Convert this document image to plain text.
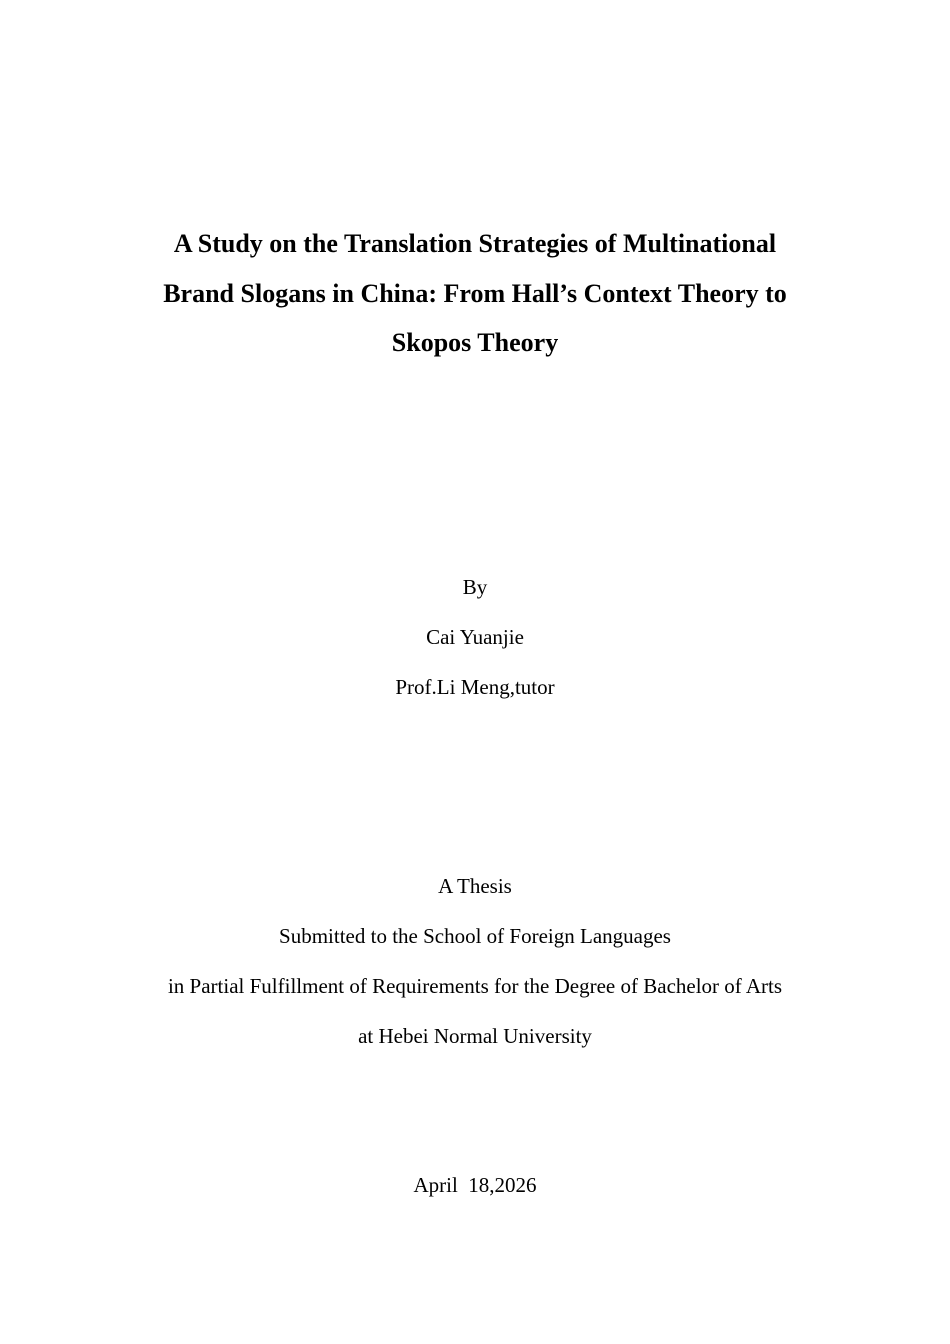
A Study on the Translation Strategies of Multinational
Brand Slogans in China: From Hall’s Context Theory to
Skopos Theory
By
Cai Yuanjie
Prof.Li Meng,tutor
A Thesis
Submitted to the School of Foreign Languages
in Partial Fulfillment of Requirements for the Degree of Bachelor of Arts
at Hebei Normal University
April  18,2026
